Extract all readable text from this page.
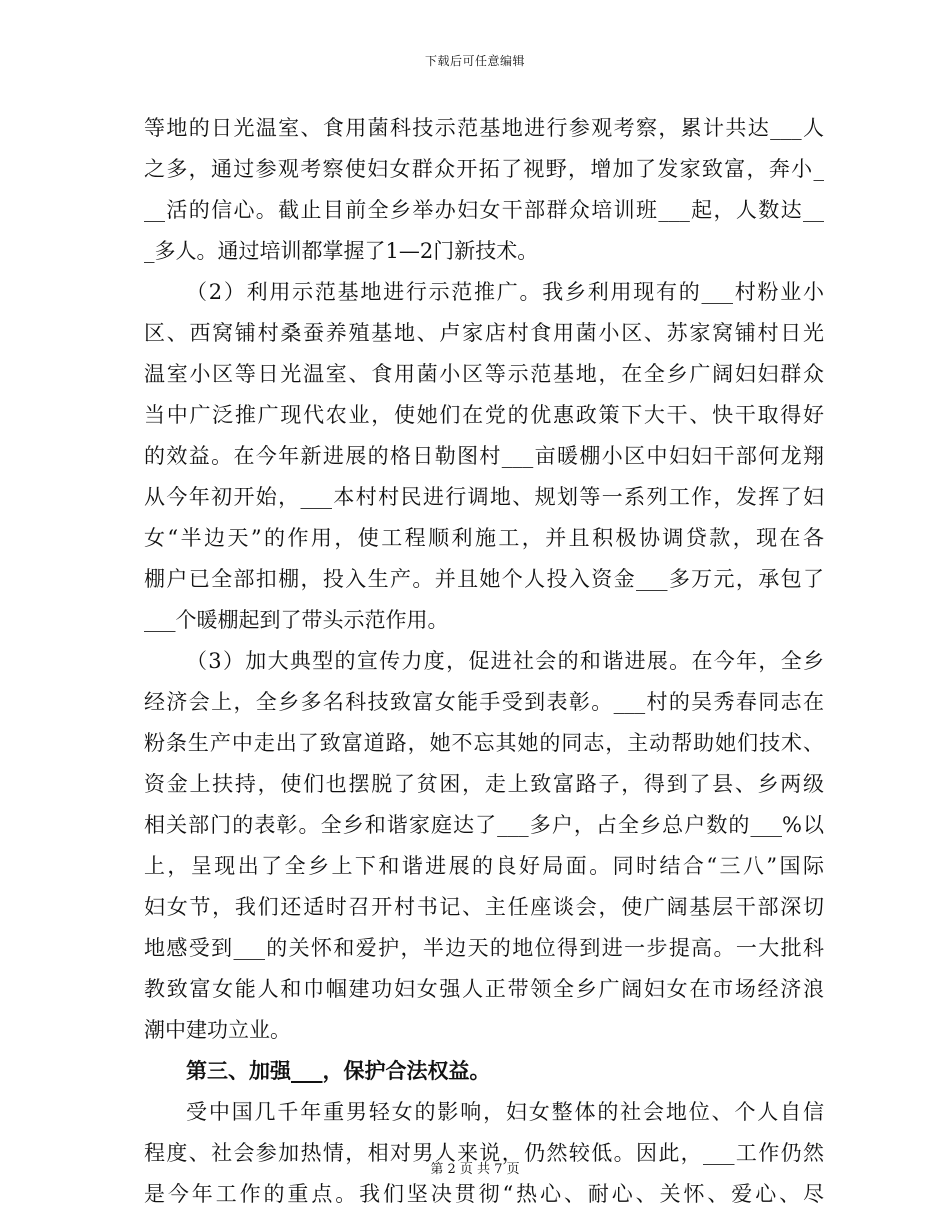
下载后可任意编辑
等地的日光温室、食用菌科技示范基地进行参观考察，累计共达___人
之多，通过参观考察使妇女群众开拓了视野，增加了发家致富，奔小_
__活的信心。截止目前全乡举办妇女干部群众培训班___起，人数达__
_多人。通过培训都掌握了1—2门新技术。
（2）利用示范基地进行示范推广。我乡利用现有的___村粉业小
区、西窝铺村桑蚕养殖基地、卢家店村食用菌小区、苏家窝铺村日光
温室小区等日光温室、食用菌小区等示范基地，在全乡广阔妇妇群众
当中广泛推广现代农业，使她们在党的优惠政策下大干、快干取得好
的效益。在今年新进展的格日勒图村___亩暖棚小区中妇妇干部何龙翔
从今年初开始，___本村村民进行调地、规划等一系列工作，发挥了妇
女“半边天”的作用，使工程顺利施工，并且积极协调贷款，现在各
棚户已全部扣棚，投入生产。并且她个人投入资金___多万元，承包了
___个暖棚起到了带头示范作用。
（3）加大典型的宣传力度，促进社会的和谐进展。在今年，全乡
经济会上，全乡多名科技致富女能手受到表彰。___村的吴秀春同志在
粉条生产中走出了致富道路，她不忘其她的同志，主动帮助她们技术、
资金上扶持，使们也摆脱了贫困，走上致富路子，得到了县、乡两级
相关部门的表彰。全乡和谐家庭达了___多户，占全乡总户数的___%以
上，呈现出了全乡上下和谐进展的良好局面。同时结合“三八”国际
妇女节，我们还适时召开村书记、主任座谈会，使广阔基层干部深切
地感受到___的关怀和爱护，半边天的地位得到进一步提高。一大批科
教致富女能人和巾帼建功妇女强人正带领全乡广阔妇女在市场经济浪
潮中建功立业。
第三、加强___，保护合法权益。
受中国几千年重男轻女的影响，妇女整体的社会地位、个人自信
程度、社会参加热情，相对男人来说，仍然较低。因此，___工作仍然
是今年工作的重点。我们坚决贯彻“热心、耐心、关怀、爱心、尽
第 2 页 共 7 页
